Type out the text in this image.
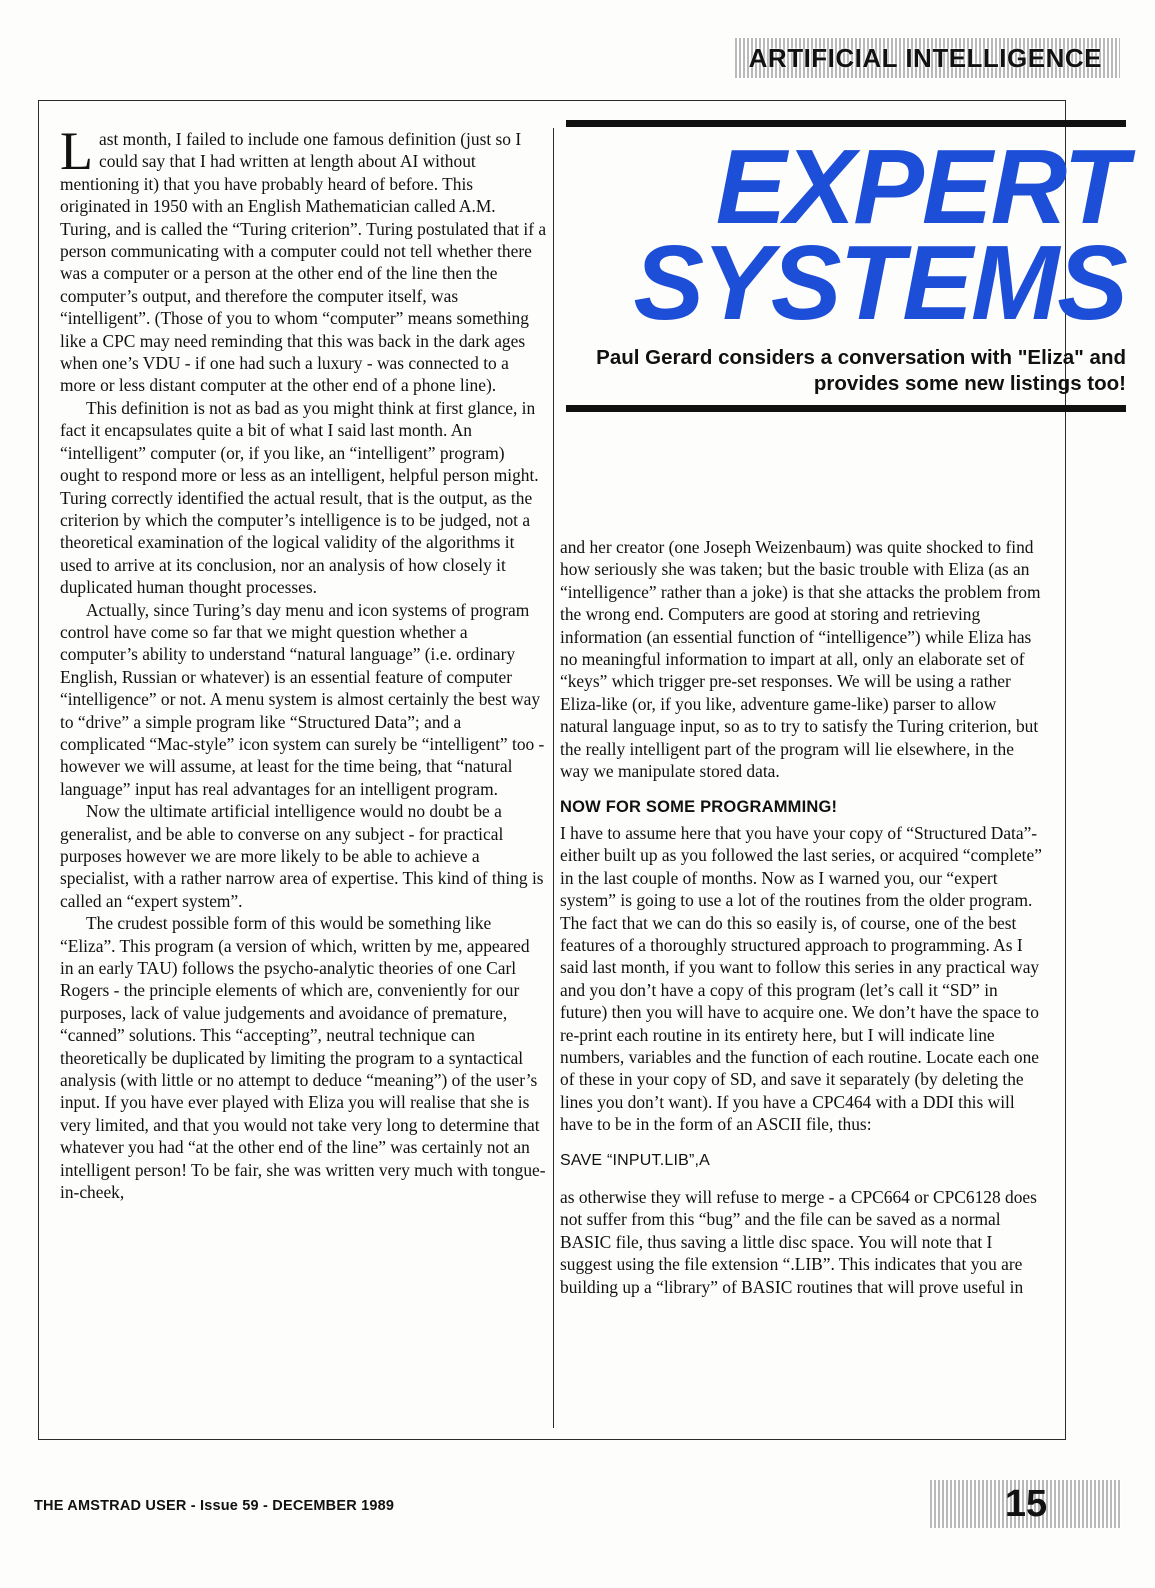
ARTIFICIAL INTELLIGENCE

Last month, I failed to include one famous definition (just so I could say that I had written at length about AI without mentioning it) that you have probably heard of before. This originated in 1950 with an English Mathematician called A.M. Turing, and is called the “Turing criterion”. Turing postulated that if a person communicating with a computer could not tell whether there was a computer or a person at the other end of the line then the computer’s output, and therefore the computer itself, was “intelligent”. (Those of you to whom “computer” means something like a CPC may need reminding that this was back in the dark ages when one’s VDU - if one had such a luxury - was connected to a more or less distant computer at the other end of a phone line).

This definition is not as bad as you might think at first glance, in fact it encapsulates quite a bit of what I said last month. An “intelligent” computer (or, if you like, an “intelligent” program) ought to respond more or less as an intelligent, helpful person might. Turing correctly identified the actual result, that is the output, as the criterion by which the computer’s intelligence is to be judged, not a theoretical examination of the logical validity of the algorithms it used to arrive at its conclusion, nor an analysis of how closely it duplicated human thought processes.

Actually, since Turing’s day menu and icon systems of program control have come so far that we might question whether a computer’s ability to understand “natural language” (i.e. ordinary English, Russian or whatever) is an essential feature of computer “intelligence” or not. A menu system is almost certainly the best way to “drive” a simple program like “Structured Data”; and a complicated “Mac-style” icon system can surely be “intelligent” too - however we will assume, at least for the time being, that “natural language” input has real advantages for an intelligent program.

Now the ultimate artificial intelligence would no doubt be a generalist, and be able to converse on any subject - for practical purposes however we are more likely to be able to achieve a specialist, with a rather narrow area of expertise. This kind of thing is called an “expert system”.

The crudest possible form of this would be something like “Eliza”. This program (a version of which, written by me, appeared in an early TAU) follows the psycho-analytic theories of one Carl Rogers - the principle elements of which are, conveniently for our purposes, lack of value judgements and avoidance of premature, “canned” solutions. This “accepting”, neutral technique can theoretically be duplicated by limiting the program to a syntactical analysis (with little or no attempt to deduce “meaning”) of the user’s input. If you have ever played with Eliza you will realise that she is very limited, and that you would not take very long to determine that whatever you had “at the other end of the line” was certainly not an intelligent person! To be fair, she was written very much with tongue-in-cheek,

EXPERT
SYSTEMS
Paul Gerard considers a conversation with "Eliza" and provides some new listings too!

and her creator (one Joseph Weizenbaum) was quite shocked to find how seriously she was taken; but the basic trouble with Eliza (as an “intelligence” rather than a joke) is that she attacks the problem from the wrong end. Computers are good at storing and retrieving information (an essential function of “intelligence”) while Eliza has no meaningful information to impart at all, only an elaborate set of “keys” which trigger pre-set responses. We will be using a rather Eliza-like (or, if you like, adventure game-like) parser to allow natural language input, so as to try to satisfy the Turing criterion, but the really intelligent part of the program will lie elsewhere, in the way we manipulate stored data.

NOW FOR SOME PROGRAMMING!

I have to assume here that you have your copy of “Structured Data”- either built up as you followed the last series, or acquired “complete” in the last couple of months. Now as I warned you, our “expert system” is going to use a lot of the routines from the older program. The fact that we can do this so easily is, of course, one of the best features of a thoroughly structured approach to programming. As I said last month, if you want to follow this series in any practical way and you don’t have a copy of this program (let’s call it “SD” in future) then you will have to acquire one. We don’t have the space to re-print each routine in its entirety here, but I will indicate line numbers, variables and the function of each routine. Locate each one of these in your copy of SD, and save it separately (by deleting the lines you don’t want). If you have a CPC464 with a DDI this will have to be in the form of an ASCII file, thus:

SAVE “INPUT.LIB”,A

as otherwise they will refuse to merge - a CPC664 or CPC6128 does not suffer from this “bug” and the file can be saved as a normal BASIC file, thus saving a little disc space. You will note that I suggest using the file extension “.LIB”. This indicates that you are building up a “library” of BASIC routines that will prove useful in

THE AMSTRAD USER - Issue 59 - DECEMBER 1989	15
